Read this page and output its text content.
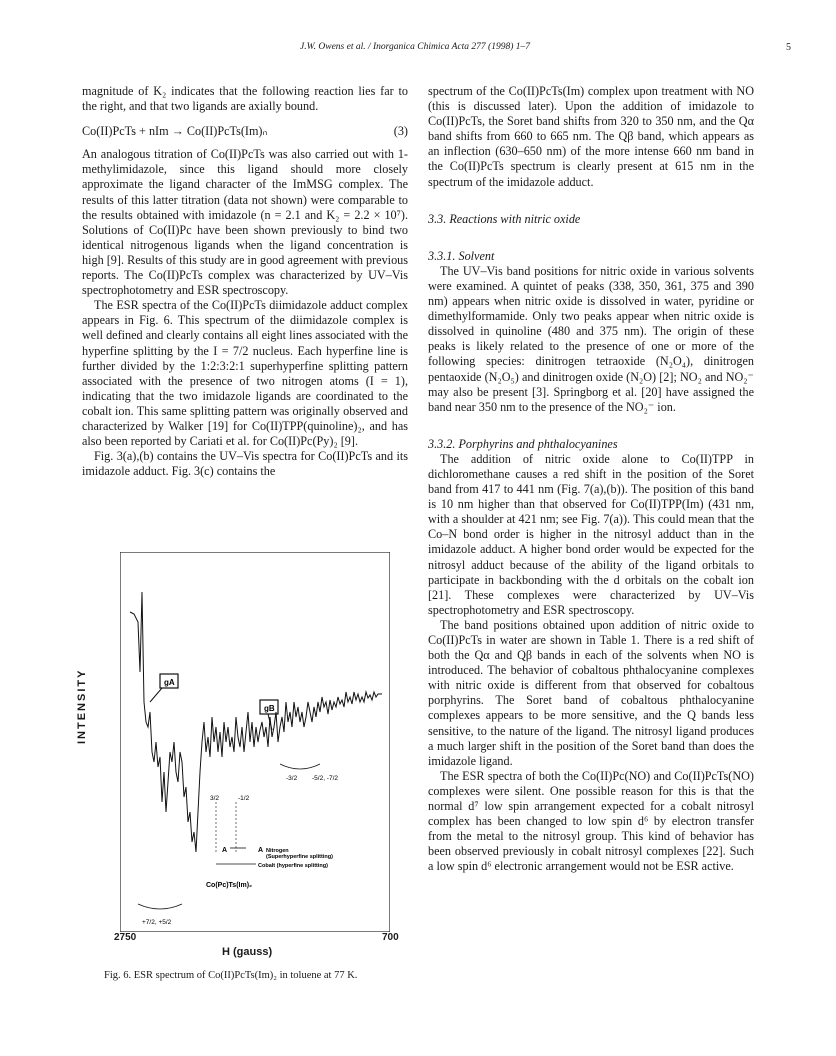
J.W. Owens et al. / Inorganica Chimica Acta 277 (1998) 1–7	5

magnitude of K₂ indicates that the following reaction lies far to the right, and that two ligands are axially bound.

Co(II)PcTs + nIm → Co(II)PcTs(Im)ₙ	(3)

An analogous titration of Co(II)PcTs was also carried out with 1-methylimidazole, since this ligand should more closely approximate the ligand character of the ImMSG complex. The results of this latter titration (data not shown) were comparable to the results obtained with imidazole (n = 2.1 and K₂ = 2.2 × 10⁷). Solutions of Co(II)Pc have been shown previously to bind two identical nitrogenous ligands when the ligand concentration is high [9]. Results of this study are in good agreement with previous reports. The Co(II)PcTs complex was characterized by UV–Vis spectrophotometry and ESR spectroscopy.

The ESR spectra of the Co(II)PcTs diimidazole adduct complex appears in Fig. 6. This spectrum of the diimidazole complex is well defined and clearly contains all eight lines associated with the hyperfine splitting by the I = 7/2 nucleus. Each hyperfine line is further divided by the 1:2:3:2:1 superhyperfine splitting pattern associated with the presence of two nitrogen atoms (I = 1), indicating that the two imidazole ligands are coordinated to the cobalt ion. This same splitting pattern was originally observed and characterized by Walker [19] for Co(II)TPP(quinoline)₂, and has also been reported by Cariati et al. for Co(II)Pc(Py)₂ [9].

Fig. 3(a),(b) contains the UV–Vis spectra for Co(II)PcTs and its imidazole adduct. Fig. 3(c) contains the

gA
gB
3/2	-1/2
-3/2 -5/2, -7/2
A	A Nitrogen
(Superhyperfine splitting)
Cobalt (hyperfine splitting)
Co(Pc)Ts(Im)₂
+7/2, +5/2
INTENSITY
2750	700
H (gauss)
Fig. 6. ESR spectrum of Co(II)PcTs(Im)₂ in toluene at 77 K.

spectrum of the Co(II)PcTs(Im) complex upon treatment with NO (this is discussed later). Upon the addition of imidazole to Co(II)PcTs, the Soret band shifts from 320 to 350 nm, and the Qα band shifts from 660 to 665 nm. The Qβ band, which appears as an inflection (630–650 nm) of the more intense 660 nm band in the Co(II)PcTs spectrum is clearly present at 615 nm in the spectrum of the imidazole adduct.

3.3. Reactions with nitric oxide

3.3.1. Solvent

The UV–Vis band positions for nitric oxide in various solvents were examined. A quintet of peaks (338, 350, 361, 375 and 390 nm) appears when nitric oxide is dissolved in water, pyridine or dimethylformamide. Only two peaks appear when nitric oxide is dissolved in quinoline (480 and 375 nm). The origin of these peaks is likely related to the presence of one or more of the following species: dinitrogen tetraoxide (N₂O₄), dinitrogen pentaoxide (N₂O₅) and dinitrogen oxide (N₂O) [2]; NO₂ and NO₂⁻ may also be present [3]. Springborg et al. [20] have assigned the band near 350 nm to the presence of the NO₂⁻ ion.

3.3.2. Porphyrins and phthalocyanines

The addition of nitric oxide alone to Co(II)TPP in dichloromethane causes a red shift in the position of the Soret band from 417 to 441 nm (Fig. 7(a),(b)). The position of this band is 10 nm higher than that observed for Co(II)TPP(Im) (431 nm, with a shoulder at 421 nm; see Fig. 7(a)). This could mean that the Co–N bond order is higher in the nitrosyl adduct than in the imidazole adduct. A higher bond order would be expected for the nitrosyl adduct because of the ability of the ligand orbitals to participate in backbonding with the d orbitals on the cobalt ion [21]. These complexes were characterized by UV–Vis spectrophotometry and ESR spectroscopy.

The band positions obtained upon addition of nitric oxide to Co(II)PcTs in water are shown in Table 1. There is a red shift of both the Qα and Qβ bands in each of the solvents when NO is introduced. The behavior of cobaltous phthalocyanine complexes with nitric oxide is different from that observed for cobaltous porphyrins. The Soret band of cobaltous phthalocyanine complexes appears to be more sensitive, and the Q bands less sensitive, to the nature of the ligand. The nitrosyl ligand produces a much larger shift in the position of the Soret band than does the imidazole ligand.

The ESR spectra of both the Co(II)Pc(NO) and Co(II)PcTs(NO) complexes were silent. One possible reason for this is that the normal d⁷ low spin arrangement expected for a cobalt nitrosyl complex has been changed to low spin d⁶ by electron transfer from the metal to the nitrosyl group. This kind of behavior has been observed previously in cobalt nitrosyl complexes [22]. Such a low spin d⁶ electronic arrangement would not be ESR active.
